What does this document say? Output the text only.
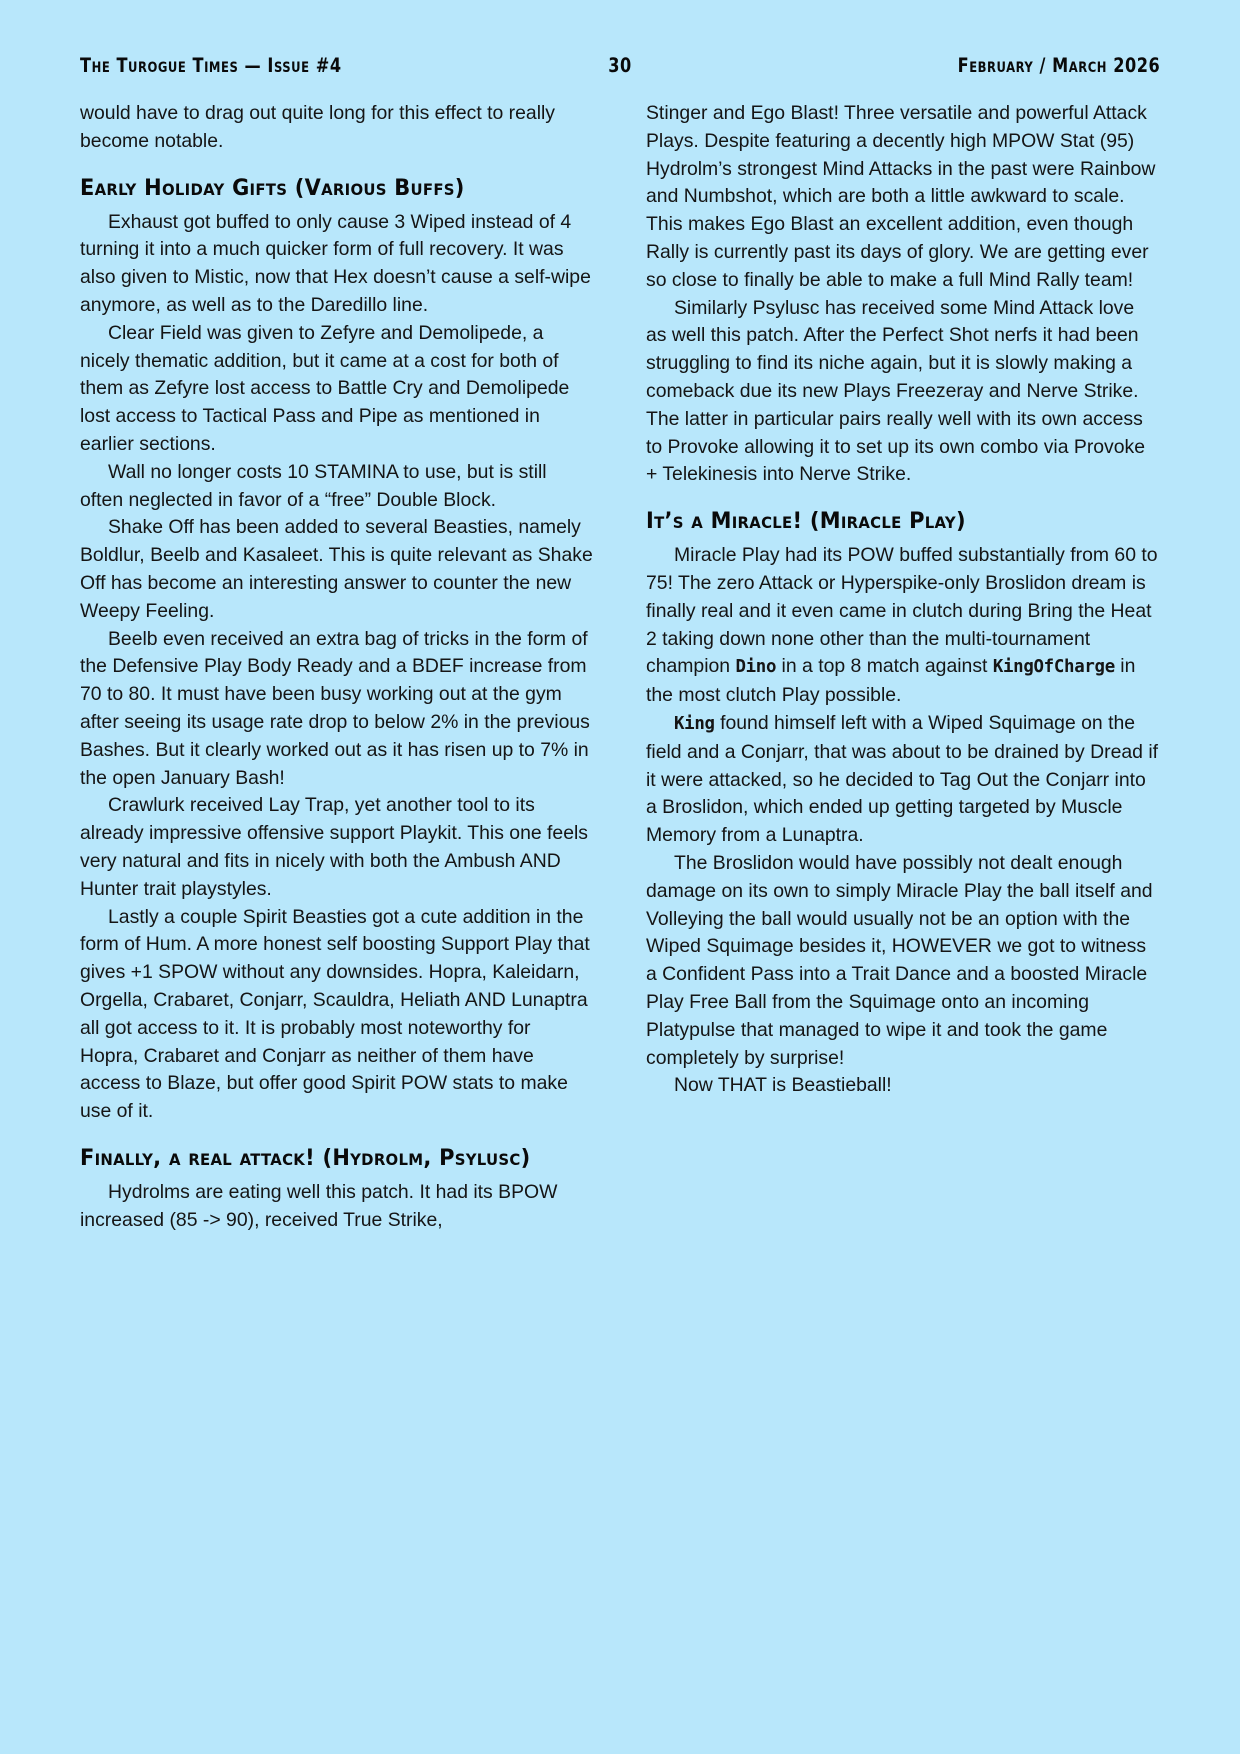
The Turogue Times — Issue #4	30	February / March 2026

would have to drag out quite long for this effect to really become notable.

Early Holiday Gifts (Various Buffs)

Exhaust got buffed to only cause 3 Wiped instead of 4 turning it into a much quicker form of full recovery. It was also given to Mistic, now that Hex doesn’t cause a self-wipe anymore, as well as to the Daredillo line.

Clear Field was given to Zefyre and Demolipede, a nicely thematic addition, but it came at a cost for both of them as Zefyre lost access to Battle Cry and Demolipede lost access to Tactical Pass and Pipe as mentioned in earlier sections.

Wall no longer costs 10 STAMINA to use, but is still often neglected in favor of a “free” Double Block.

Shake Off has been added to several Beasties, namely Boldlur, Beelb and Kasaleet. This is quite relevant as Shake Off has become an interesting answer to counter the new Weepy Feeling.

Beelb even received an extra bag of tricks in the form of the Defensive Play Body Ready and a BDEF increase from 70 to 80. It must have been busy working out at the gym after seeing its usage rate drop to below 2% in the previous Bashes. But it clearly worked out as it has risen up to 7% in the open January Bash!

Crawlurk received Lay Trap, yet another tool to its already impressive offensive support Playkit. This one feels very natural and fits in nicely with both the Ambush AND Hunter trait playstyles.

Lastly a couple Spirit Beasties got a cute addition in the form of Hum. A more honest self boosting Support Play that gives +1 SPOW without any downsides. Hopra, Kaleidarn, Orgella, Crabaret, Conjarr, Scauldra, Heliath AND Lunaptra all got access to it. It is probably most noteworthy for Hopra, Crabaret and Conjarr as neither of them have access to Blaze, but offer good Spirit POW stats to make use of it.

Finally, a real attack! (Hydrolm, Psylusc)

Hydrolms are eating well this patch. It had its BPOW increased (85 -> 90), received True Strike,

Stinger and Ego Blast! Three versatile and powerful Attack Plays. Despite featuring a decently high MPOW Stat (95) Hydrolm’s strongest Mind Attacks in the past were Rainbow and Numbshot, which are both a little awkward to scale. This makes Ego Blast an excellent addition, even though Rally is currently past its days of glory. We are getting ever so close to finally be able to make a full Mind Rally team!

Similarly Psylusc has received some Mind Attack love as well this patch. After the Perfect Shot nerfs it had been struggling to find its niche again, but it is slowly making a comeback due its new Plays Freezeray and Nerve Strike. The latter in particular pairs really well with its own access to Provoke allowing it to set up its own combo via Provoke + Telekinesis into Nerve Strike.

It’s a Miracle! (Miracle Play)

Miracle Play had its POW buffed substantially from 60 to 75! The zero Attack or Hyperspike-only Broslidon dream is finally real and it even came in clutch during Bring the Heat 2 taking down none other than the multi-tournament champion Dino in a top 8 match against KingOfCharge in the most clutch Play possible.

King found himself left with a Wiped Squimage on the field and a Conjarr, that was about to be drained by Dread if it were attacked, so he decided to Tag Out the Conjarr into a Broslidon, which ended up getting targeted by Muscle Memory from a Lunaptra.

The Broslidon would have possibly not dealt enough damage on its own to simply Miracle Play the ball itself and Volleying the ball would usually not be an option with the Wiped Squimage besides it, HOWEVER we got to witness a Confident Pass into a Trait Dance and a boosted Miracle Play Free Ball from the Squimage onto an incoming Platypulse that managed to wipe it and took the game completely by surprise!

Now THAT is Beastieball!
